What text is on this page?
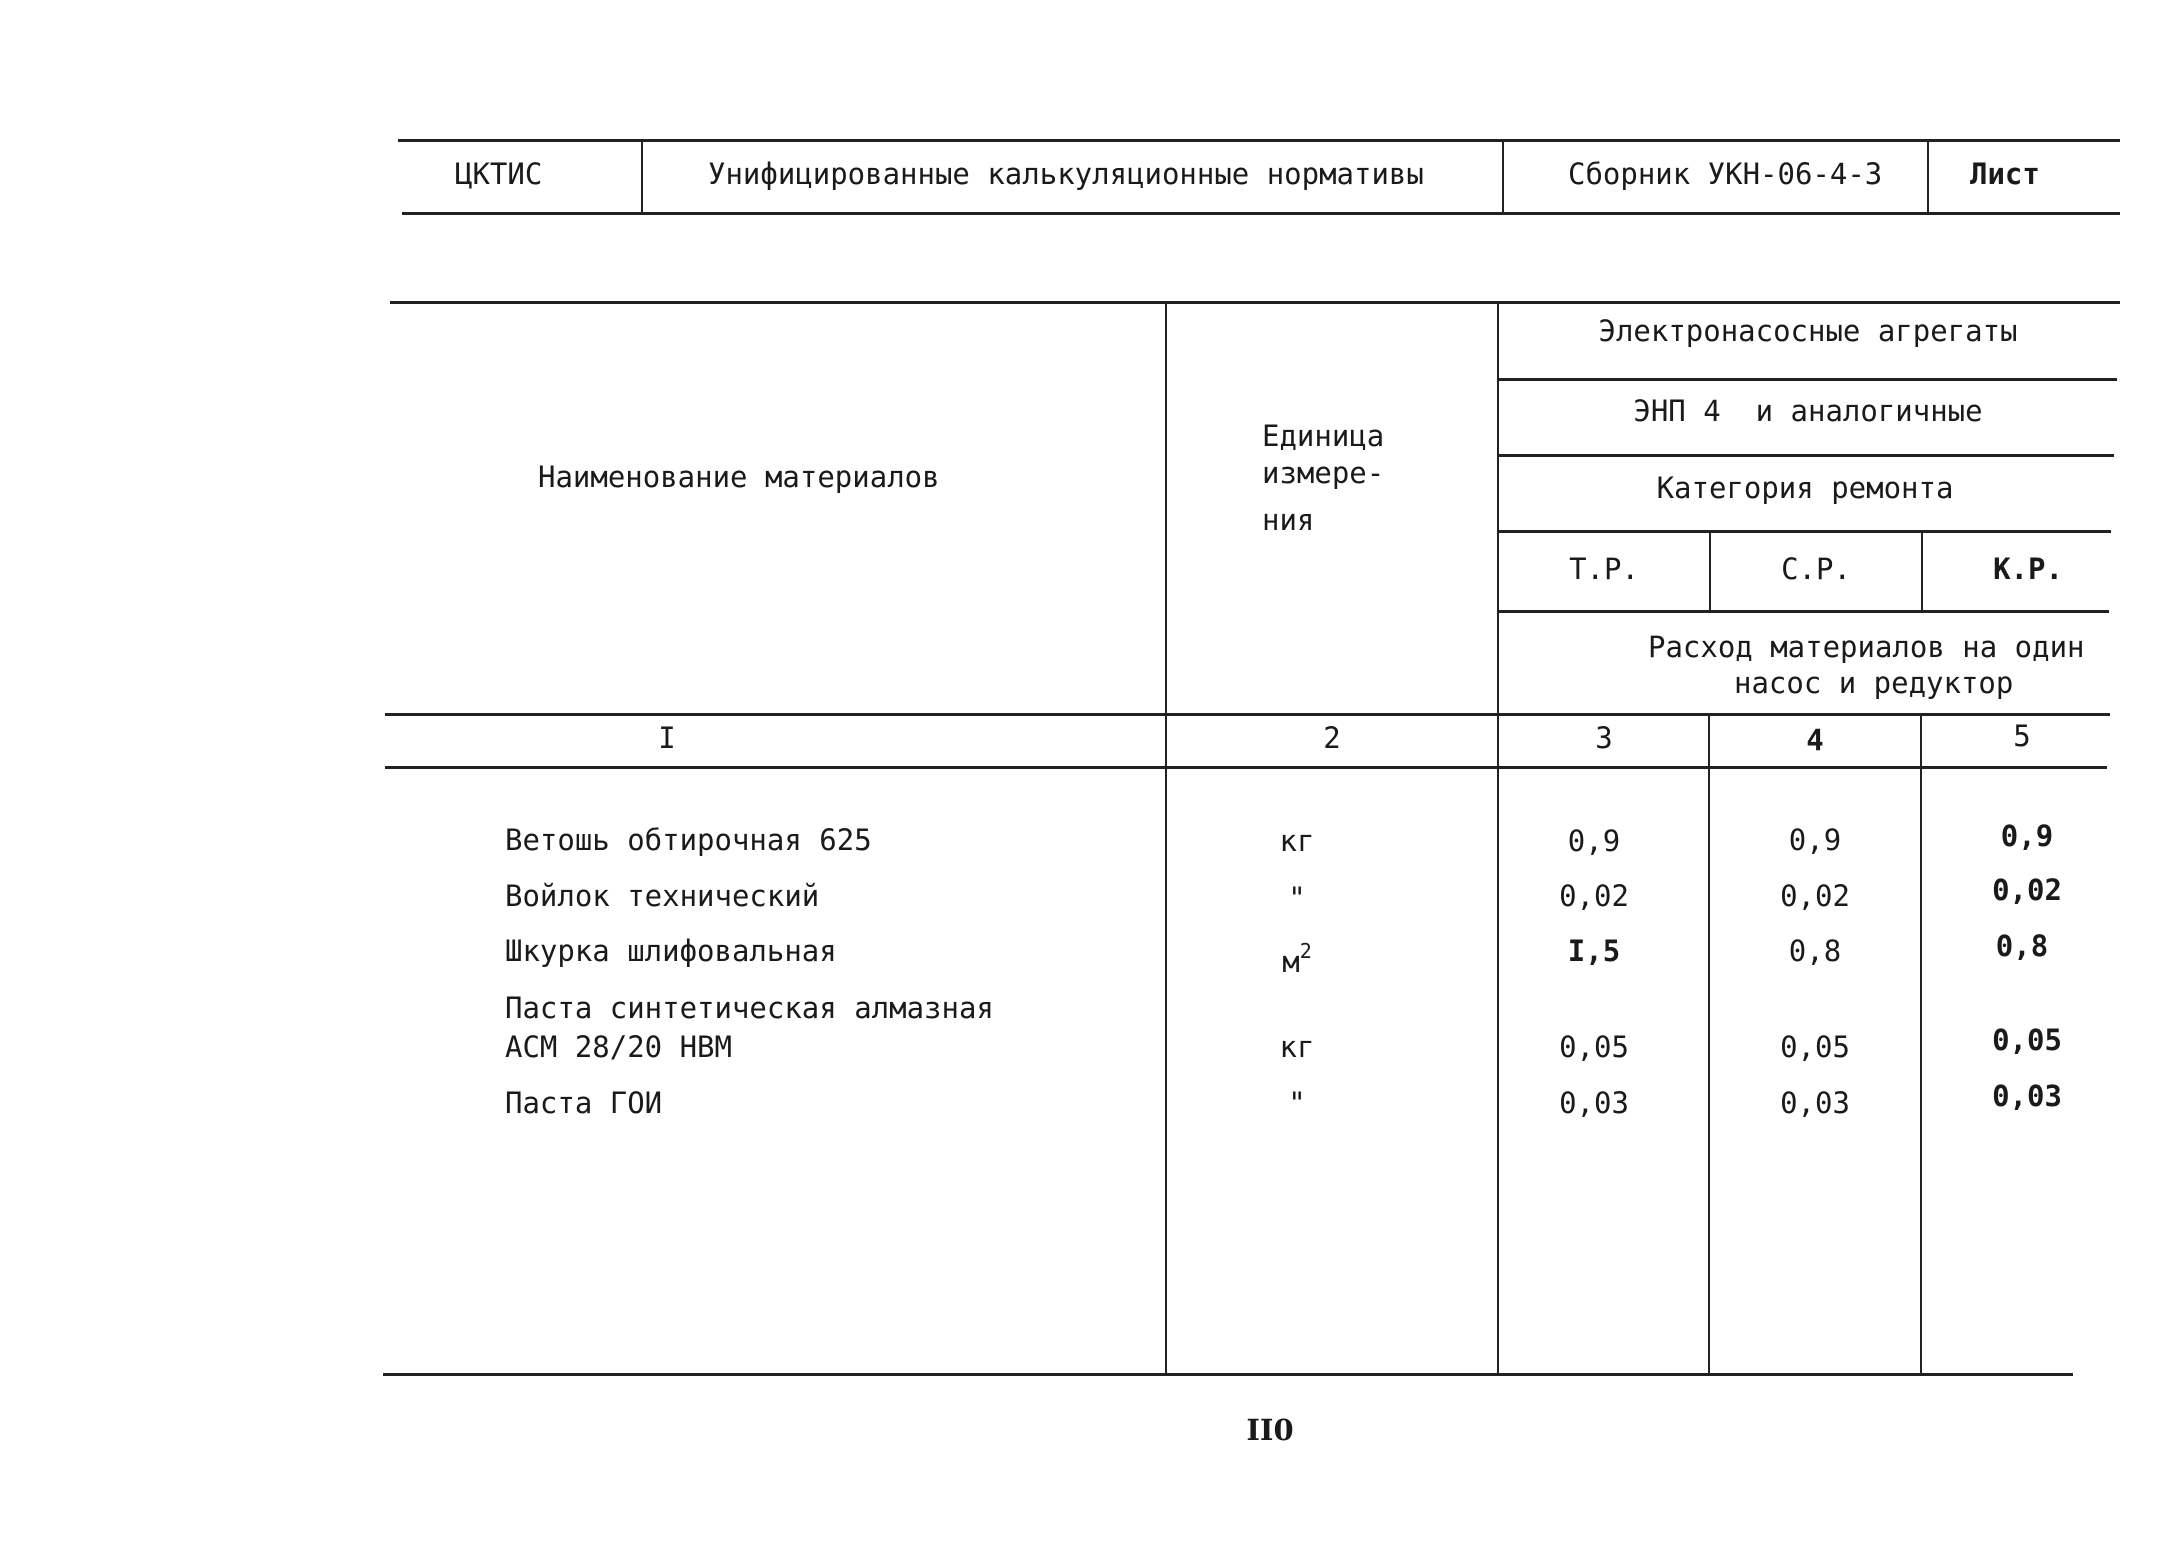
ЦКТИС	Унифицированные калькуляционные нормативы	Сборник УКН-06-4-3	Лист
Наименование материалов
Единица
измере-
ния
Электронасосные агрегаты
ЭНП 4  и аналогичные
Категория ремонта
Т.Р.	С.Р.	К.Р.
Расход материалов на один
насос и редуктор
I	2	3	4	5
Ветошь обтирочная 625	кг	0,9	0,9	0,9
Войлок технический	"	0,02	0,02	0,02
Шкурка шлифовальная	$м^2$	I,5	0,8	0,8
Паста синтетическая алмазная
АСМ 28/20 НВМ	кг	0,05	0,05	0,05
Паста ГОИ	"	0,03	0,03	0,03
II0
